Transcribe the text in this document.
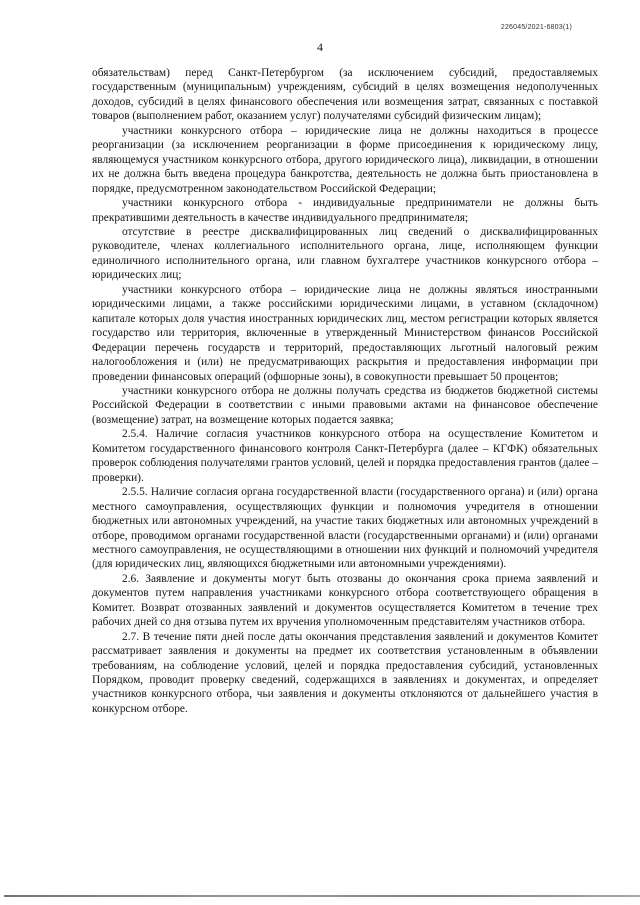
226045/2021-6803(1)
4

обязательствам) перед Санкт-Петербургом (за исключением субсидий, предоставляемых государственным (муниципальным) учреждениям, субсидий в целях возмещения недополученных доходов, субсидий в целях финансового обеспечения или возмещения затрат, связанных с поставкой товаров (выполнением работ, оказанием услуг) получателями субсидий физическим лицам);

участники конкурсного отбора – юридические лица не должны находиться в процессе реорганизации (за исключением реорганизации в форме присоединения к юридическому лицу, являющемуся участником конкурсного отбора, другого юридического лица), ликвидации, в отношении их не должна быть введена процедура банкротства, деятельность не должна быть приостановлена в порядке, предусмотренном законодательством Российской Федерации;

участники конкурсного отбора - индивидуальные предприниматели не должны быть прекратившими деятельность в качестве индивидуального предпринимателя;

отсутствие в реестре дисквалифицированных лиц сведений о дисквалифицированных руководителе, членах коллегиального исполнительного органа, лице, исполняющем функции единоличного исполнительного органа, или главном бухгалтере участников конкурсного отбора – юридических лиц;

участники конкурсного отбора – юридические лица не должны являться иностранными юридическими лицами, а также российскими юридическими лицами, в уставном (складочном) капитале которых доля участия иностранных юридических лиц, местом регистрации которых является государство или территория, включенные в утвержденный Министерством финансов Российской Федерации перечень государств и территорий, предоставляющих льготный налоговый режим налогообложения и (или) не предусматривающих раскрытия и предоставления информации при проведении финансовых операций (офшорные зоны), в совокупности превышает 50 процентов;

участники конкурсного отбора не должны получать средства из бюджетов бюджетной системы Российской Федерации в соответствии с иными правовыми актами на финансовое обеспечение (возмещение) затрат, на возмещение которых подается заявка;

2.5.4. Наличие согласия участников конкурсного отбора на осуществление Комитетом и Комитетом государственного финансового контроля Санкт-Петербурга (далее – КГФК) обязательных проверок соблюдения получателями грантов условий, целей и порядка предоставления грантов (далее – проверки).

2.5.5. Наличие согласия органа государственной власти (государственного органа) и (или) органа местного самоуправления, осуществляющих функции и полномочия учредителя в отношении бюджетных или автономных учреждений, на участие таких бюджетных или автономных учреждений в отборе, проводимом органами государственной власти (государственными органами) и (или) органами местного самоуправления, не осуществляющими в отношении них функций и полномочий учредителя (для юридических лиц, являющихся бюджетными или автономными учреждениями).

2.6. Заявление и документы могут быть отозваны до окончания срока приема заявлений и документов путем направления участниками конкурсного отбора соответствующего обращения в Комитет. Возврат отозванных заявлений и документов осуществляется Комитетом в течение трех рабочих дней со дня отзыва путем их вручения уполномоченным представителям участников отбора.

2.7. В течение пяти дней после даты окончания представления заявлений и документов Комитет рассматривает заявления и документы на предмет их соответствия установленным в объявлении требованиям, на соблюдение условий, целей и порядка предоставления субсидий, установленных Порядком, проводит проверку сведений, содержащихся в заявлениях и документах, и определяет участников конкурсного отбора, чьи заявления и документы отклоняются от дальнейшего участия в конкурсном отборе.
